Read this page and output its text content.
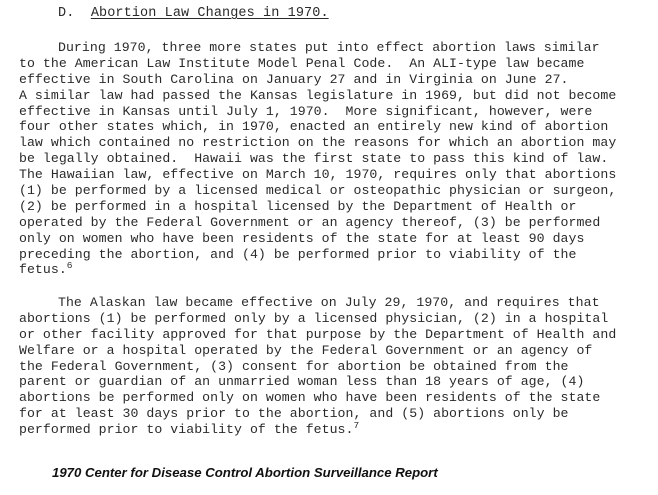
D. Abortion Law Changes in 1970.
During 1970, three more states put into effect abortion laws similar
to the American Law Institute Model Penal Code.  An ALI-type law became
effective in South Carolina on January 27 and in Virginia on June 27.
A similar law had passed the Kansas legislature in 1969, but did not become
effective in Kansas until July 1, 1970.  More significant, however, were
four other states which, in 1970, enacted an entirely new kind of abortion
law which contained no restriction on the reasons for which an abortion may
be legally obtained.  Hawaii was the first state to pass this kind of law.
The Hawaiian law, effective on March 10, 1970, requires only that abortions
(1) be performed by a licensed medical or osteopathic physician or surgeon,
(2) be performed in a hospital licensed by the Department of Health or
operated by the Federal Government or an agency thereof, (3) be performed
only on women who have been residents of the state for at least 90 days
preceding the abortion, and (4) be performed prior to viability of the
fetus.$^6$
The Alaskan law became effective on July 29, 1970, and requires that
abortions (1) be performed only by a licensed physician, (2) in a hospital
or other facility approved for that purpose by the Department of Health and
Welfare or a hospital operated by the Federal Government or an agency of
the Federal Government, (3) consent for abortion be obtained from the
parent or guardian of an unmarried woman less than 18 years of age, (4)
abortions be performed only on women who have been residents of the state
for at least 30 days prior to the abortion, and (5) abortions only be
performed prior to viability of the fetus.$^7$
1970 Center for Disease Control Abortion Surveillance Report
